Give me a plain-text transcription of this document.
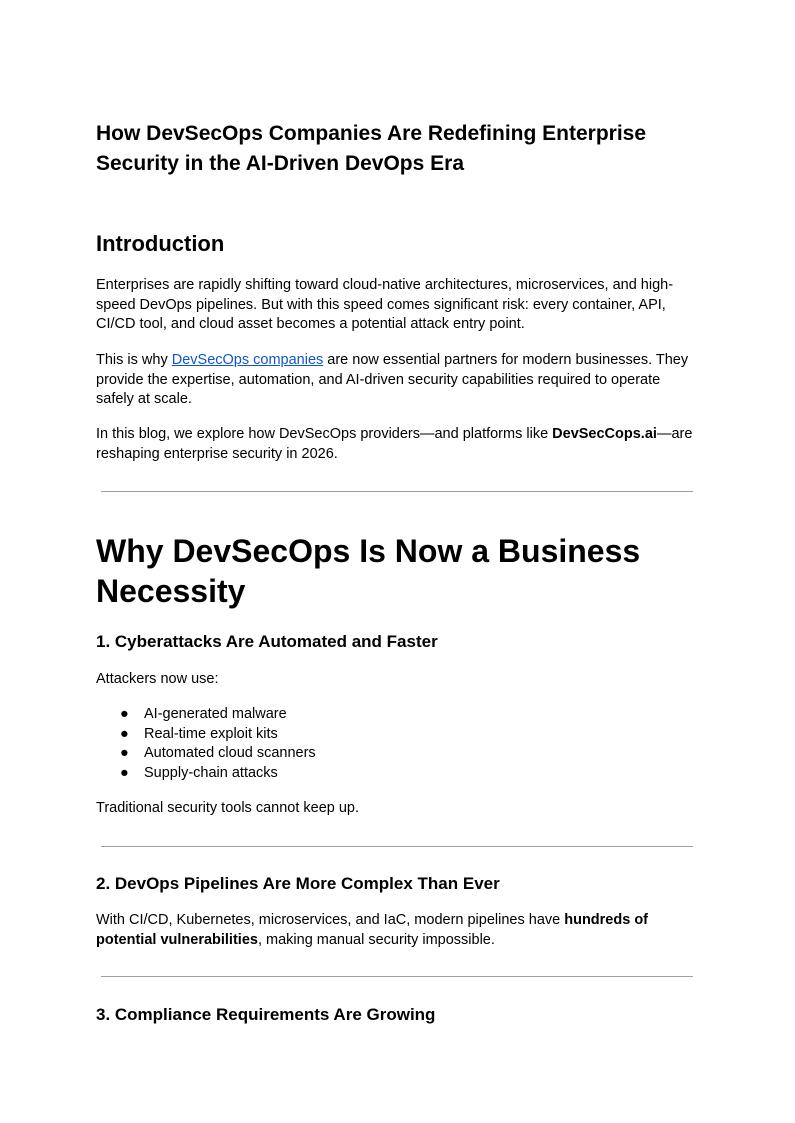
How DevSecOps Companies Are Redefining Enterprise Security in the AI-Driven DevOps Era
Introduction

Enterprises are rapidly shifting toward cloud-native architectures, microservices, and high-speed DevOps pipelines. But with this speed comes significant risk: every container, API, CI/CD tool, and cloud asset becomes a potential attack entry point.

This is why DevSecOps companies are now essential partners for modern businesses. They provide the expertise, automation, and AI-driven security capabilities required to operate safely at scale.

In this blog, we explore how DevSecOps providers—and platforms like DevSecCops.ai—are reshaping enterprise security in 2026.

Why DevSecOps Is Now a Business Necessity
1. Cyberattacks Are Automated and Faster

Attackers now use:

● AI-generated malware
● Real-time exploit kits
● Automated cloud scanners
● Supply-chain attacks

Traditional security tools cannot keep up.

2. DevOps Pipelines Are More Complex Than Ever

With CI/CD, Kubernetes, microservices, and IaC, modern pipelines have hundreds of potential vulnerabilities, making manual security impossible.

3. Compliance Requirements Are Growing
